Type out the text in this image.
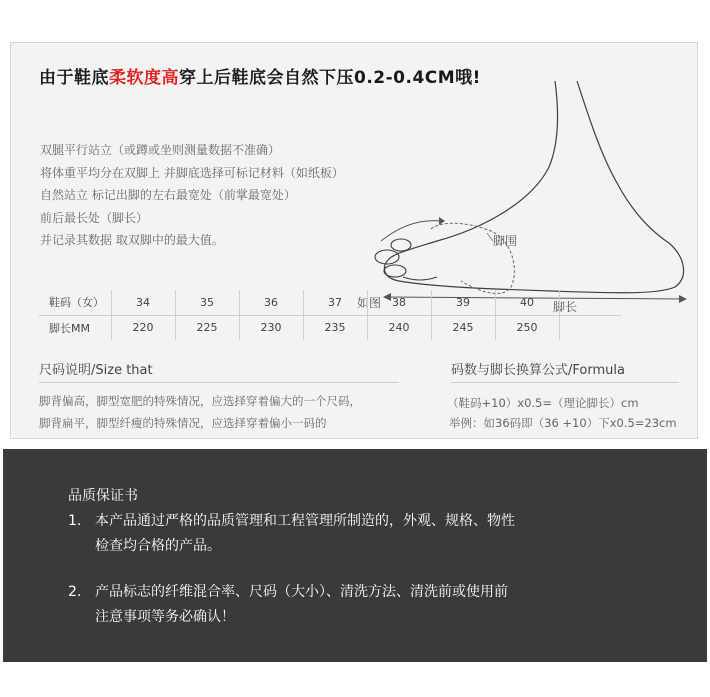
由于鞋底柔软度高穿上后鞋底会自然下压0.2-0.4CM哦!
双腿平行站立（或蹲或坐则测量数据不准确）
将体重平均分在双脚上 并脚底选择可标记材料（如纸板）
自然站立 标记出脚的左右最宽处（前掌最宽处）
前后最长处（脚长）
并记录其数据 取双脚中的最大值。	脚围
如图	脚长
鞋码（女）	34	35	36	37	38	39	40	
脚长MM	220	225	230	235	240	245	250	
尺码说明/Size that
脚背偏高，脚型宽肥的特殊情况，应选择穿着偏大的一个尺码，
脚背扁平，脚型纤瘦的特殊情况，应选择穿着偏小一码的
码数与脚长换算公式/Formula
（鞋码+10）x0.5=（理论脚长）cm
举例：如36码即（36 +10）下x0.5=23cm
品质保证书
1. 本产品通过严格的品质管理和工程管理所制造的，外观、规格、物性
检查均合格的产品。
2. 产品标志的纤维混合率、尺码（大小）、清洗方法、清洗前或使用前
注意事项等务必确认！
